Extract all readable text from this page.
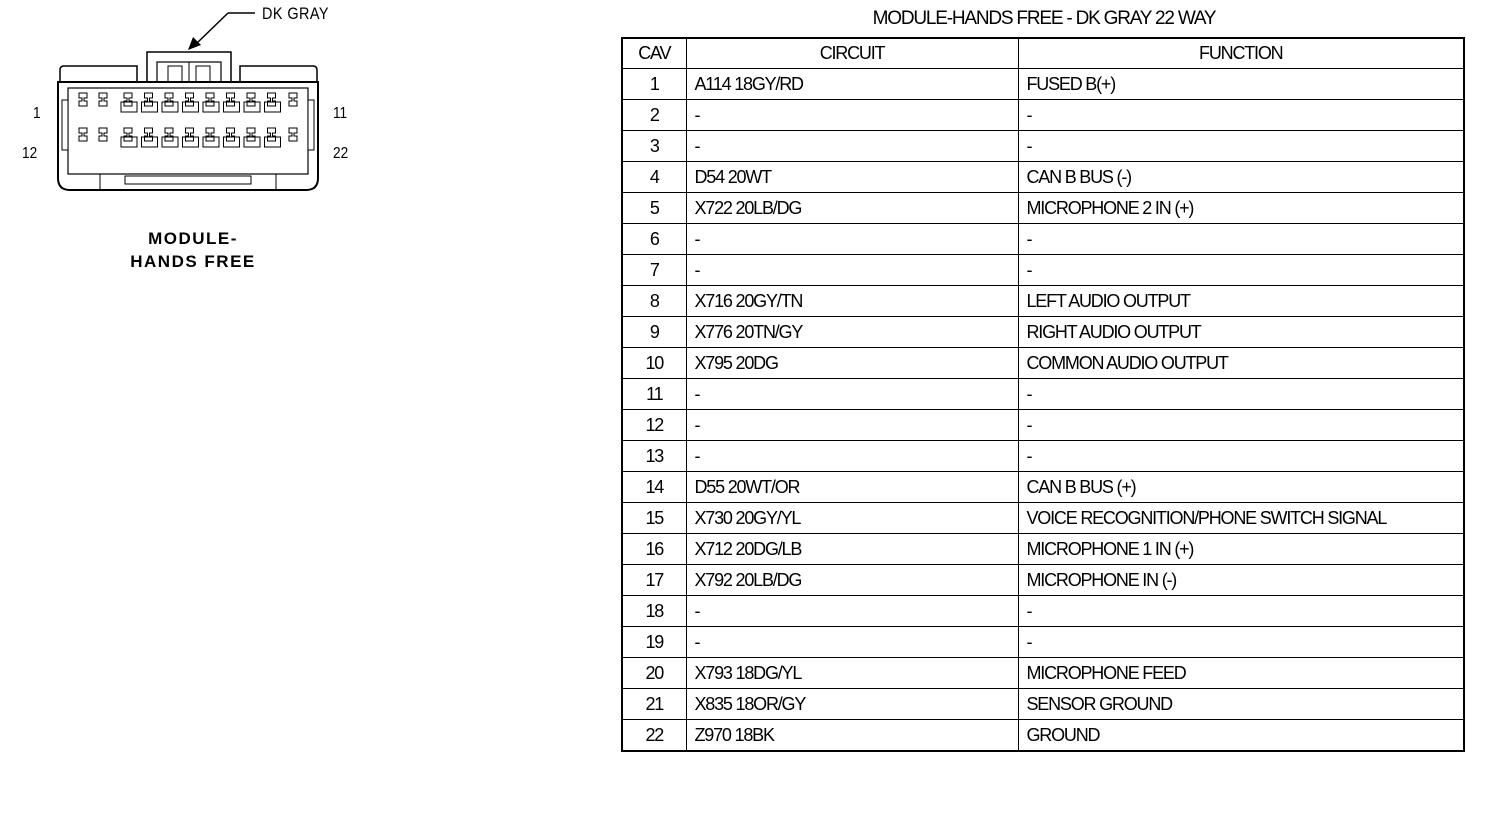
DK GRAY
1
12
11
22
MODULE-
HANDS FREE
MODULE-HANDS FREE - DK GRAY 22 WAY
CAV	CIRCUIT	FUNCTION
1	A114 18GY/RD	FUSED B(+)
2	-	-
3	-	-
4	D54 20WT	CAN B BUS (-)
5	X722 20LB/DG	MICROPHONE 2 IN (+)
6	-	-
7	-	-
8	X716 20GY/TN	LEFT AUDIO OUTPUT
9	X776 20TN/GY	RIGHT AUDIO OUTPUT
10	X795 20DG	COMMON AUDIO OUTPUT
11	-	-
12	-	-
13	-	-
14	D55 20WT/OR	CAN B BUS (+)
15	X730 20GY/YL	VOICE RECOGNITION/PHONE SWITCH SIGNAL
16	X712 20DG/LB	MICROPHONE 1 IN (+)
17	X792 20LB/DG	MICROPHONE IN (-)
18	-	-
19	-	-
20	X793 18DG/YL	MICROPHONE FEED
21	X835 18OR/GY	SENSOR GROUND
22	Z970 18BK	GROUND
